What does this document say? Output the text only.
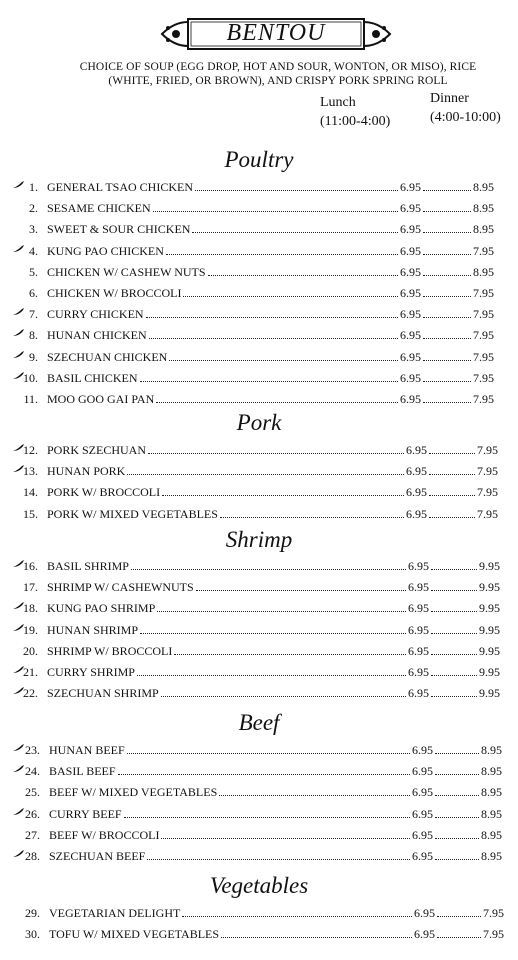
BENTOU
CHOICE OF SOUP (EGG DROP, HOT AND SOUR, WONTON, OR MISO), RICE (WHITE, FRIED, OR BROWN), AND CRISPY PORK SPRING ROLL
Lunch
(11:00-4:00)
Dinner
(4:00-10:00)
Poultry
1. GENERAL TSAO CHICKEN	6.95	8.95
2. SESAME CHICKEN	6.95	8.95
3. SWEET & SOUR CHICKEN	6.95	8.95
4. KUNG PAO CHICKEN	6.95	7.95
5. CHICKEN W/ CASHEW NUTS	6.95	8.95
6. CHICKEN W/ BROCCOLI	6.95	7.95
7. CURRY CHICKEN	6.95	7.95
8. HUNAN CHICKEN	6.95	7.95
9. SZECHUAN CHICKEN	6.95	7.95
10. BASIL CHICKEN	6.95	7.95
11. MOO GOO GAI PAN	6.95	7.95
Pork
12. PORK SZECHUAN	6.95	7.95
13. HUNAN PORK	6.95	7.95
14. PORK W/ BROCCOLI	6.95	7.95
15. PORK W/ MIXED VEGETABLES	6.95	7.95
Shrimp
16. BASIL SHRIMP	6.95	9.95
17. SHRIMP W/ CASHEWNUTS	6.95	9.95
18. KUNG PAO SHRIMP	6.95	9.95
19. HUNAN SHRIMP	6.95	9.95
20. SHRIMP W/ BROCCOLI	6.95	9.95
21. CURRY SHRIMP	6.95	9.95
22. SZECHUAN SHRIMP	6.95	9.95
Beef
23. HUNAN BEEF	6.95	8.95
24. BASIL BEEF	6.95	8.95
25. BEEF W/ MIXED VEGETABLES	6.95	8.95
26. CURRY BEEF	6.95	8.95
27. BEEF W/ BROCCOLI	6.95	8.95
28. SZECHUAN BEEF	6.95	8.95
Vegetables
29. VEGETARIAN DELIGHT	6.95	7.95
30. TOFU W/ MIXED VEGETABLES	6.95	7.95
